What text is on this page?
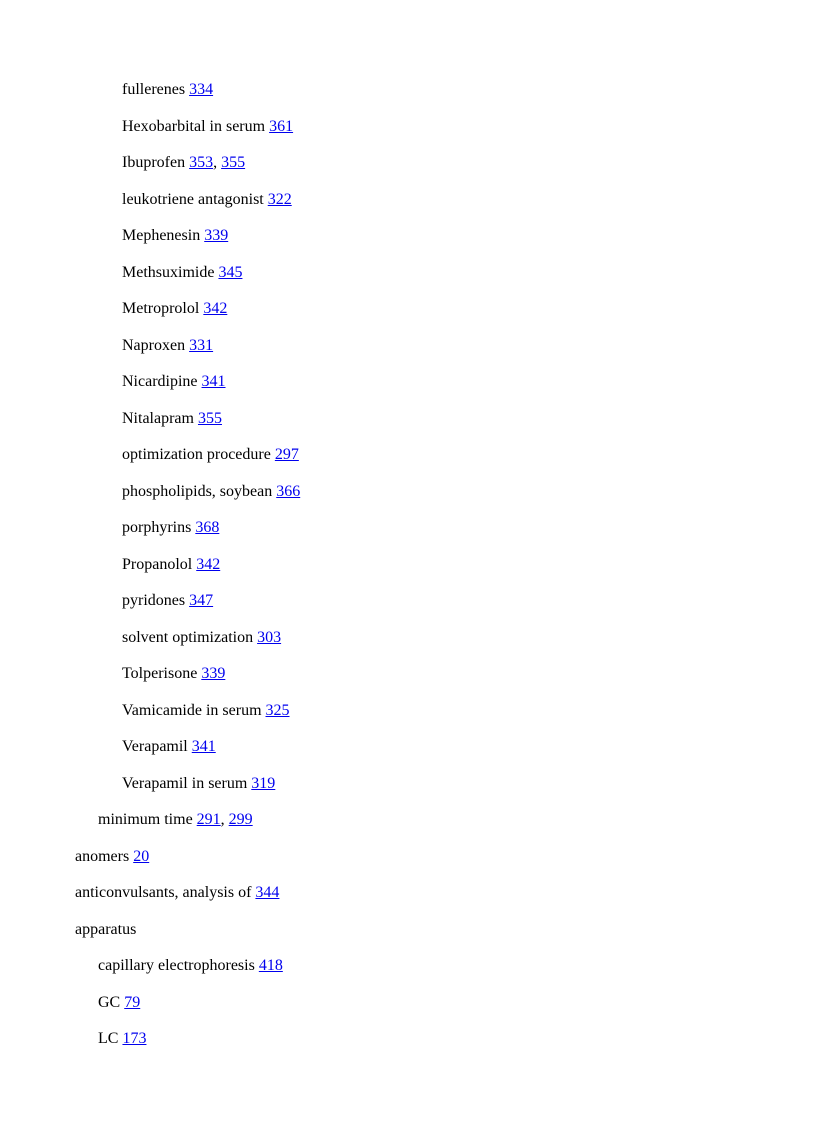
fullerenes 334
Hexobarbital in serum 361
Ibuprofen 353, 355
leukotriene antagonist 322
Mephenesin 339
Methsuximide 345
Metroprolol 342
Naproxen 331
Nicardipine 341
Nitalapram 355
optimization procedure 297
phospholipids, soybean 366
porphyrins 368
Propanolol 342
pyridones 347
solvent optimization 303
Tolperisone 339
Vamicamide in serum 325
Verapamil 341
Verapamil in serum 319
minimum time 291, 299
anomers 20
anticonvulsants, analysis of 344
apparatus
capillary electrophoresis 418
GC 79
LC 173
